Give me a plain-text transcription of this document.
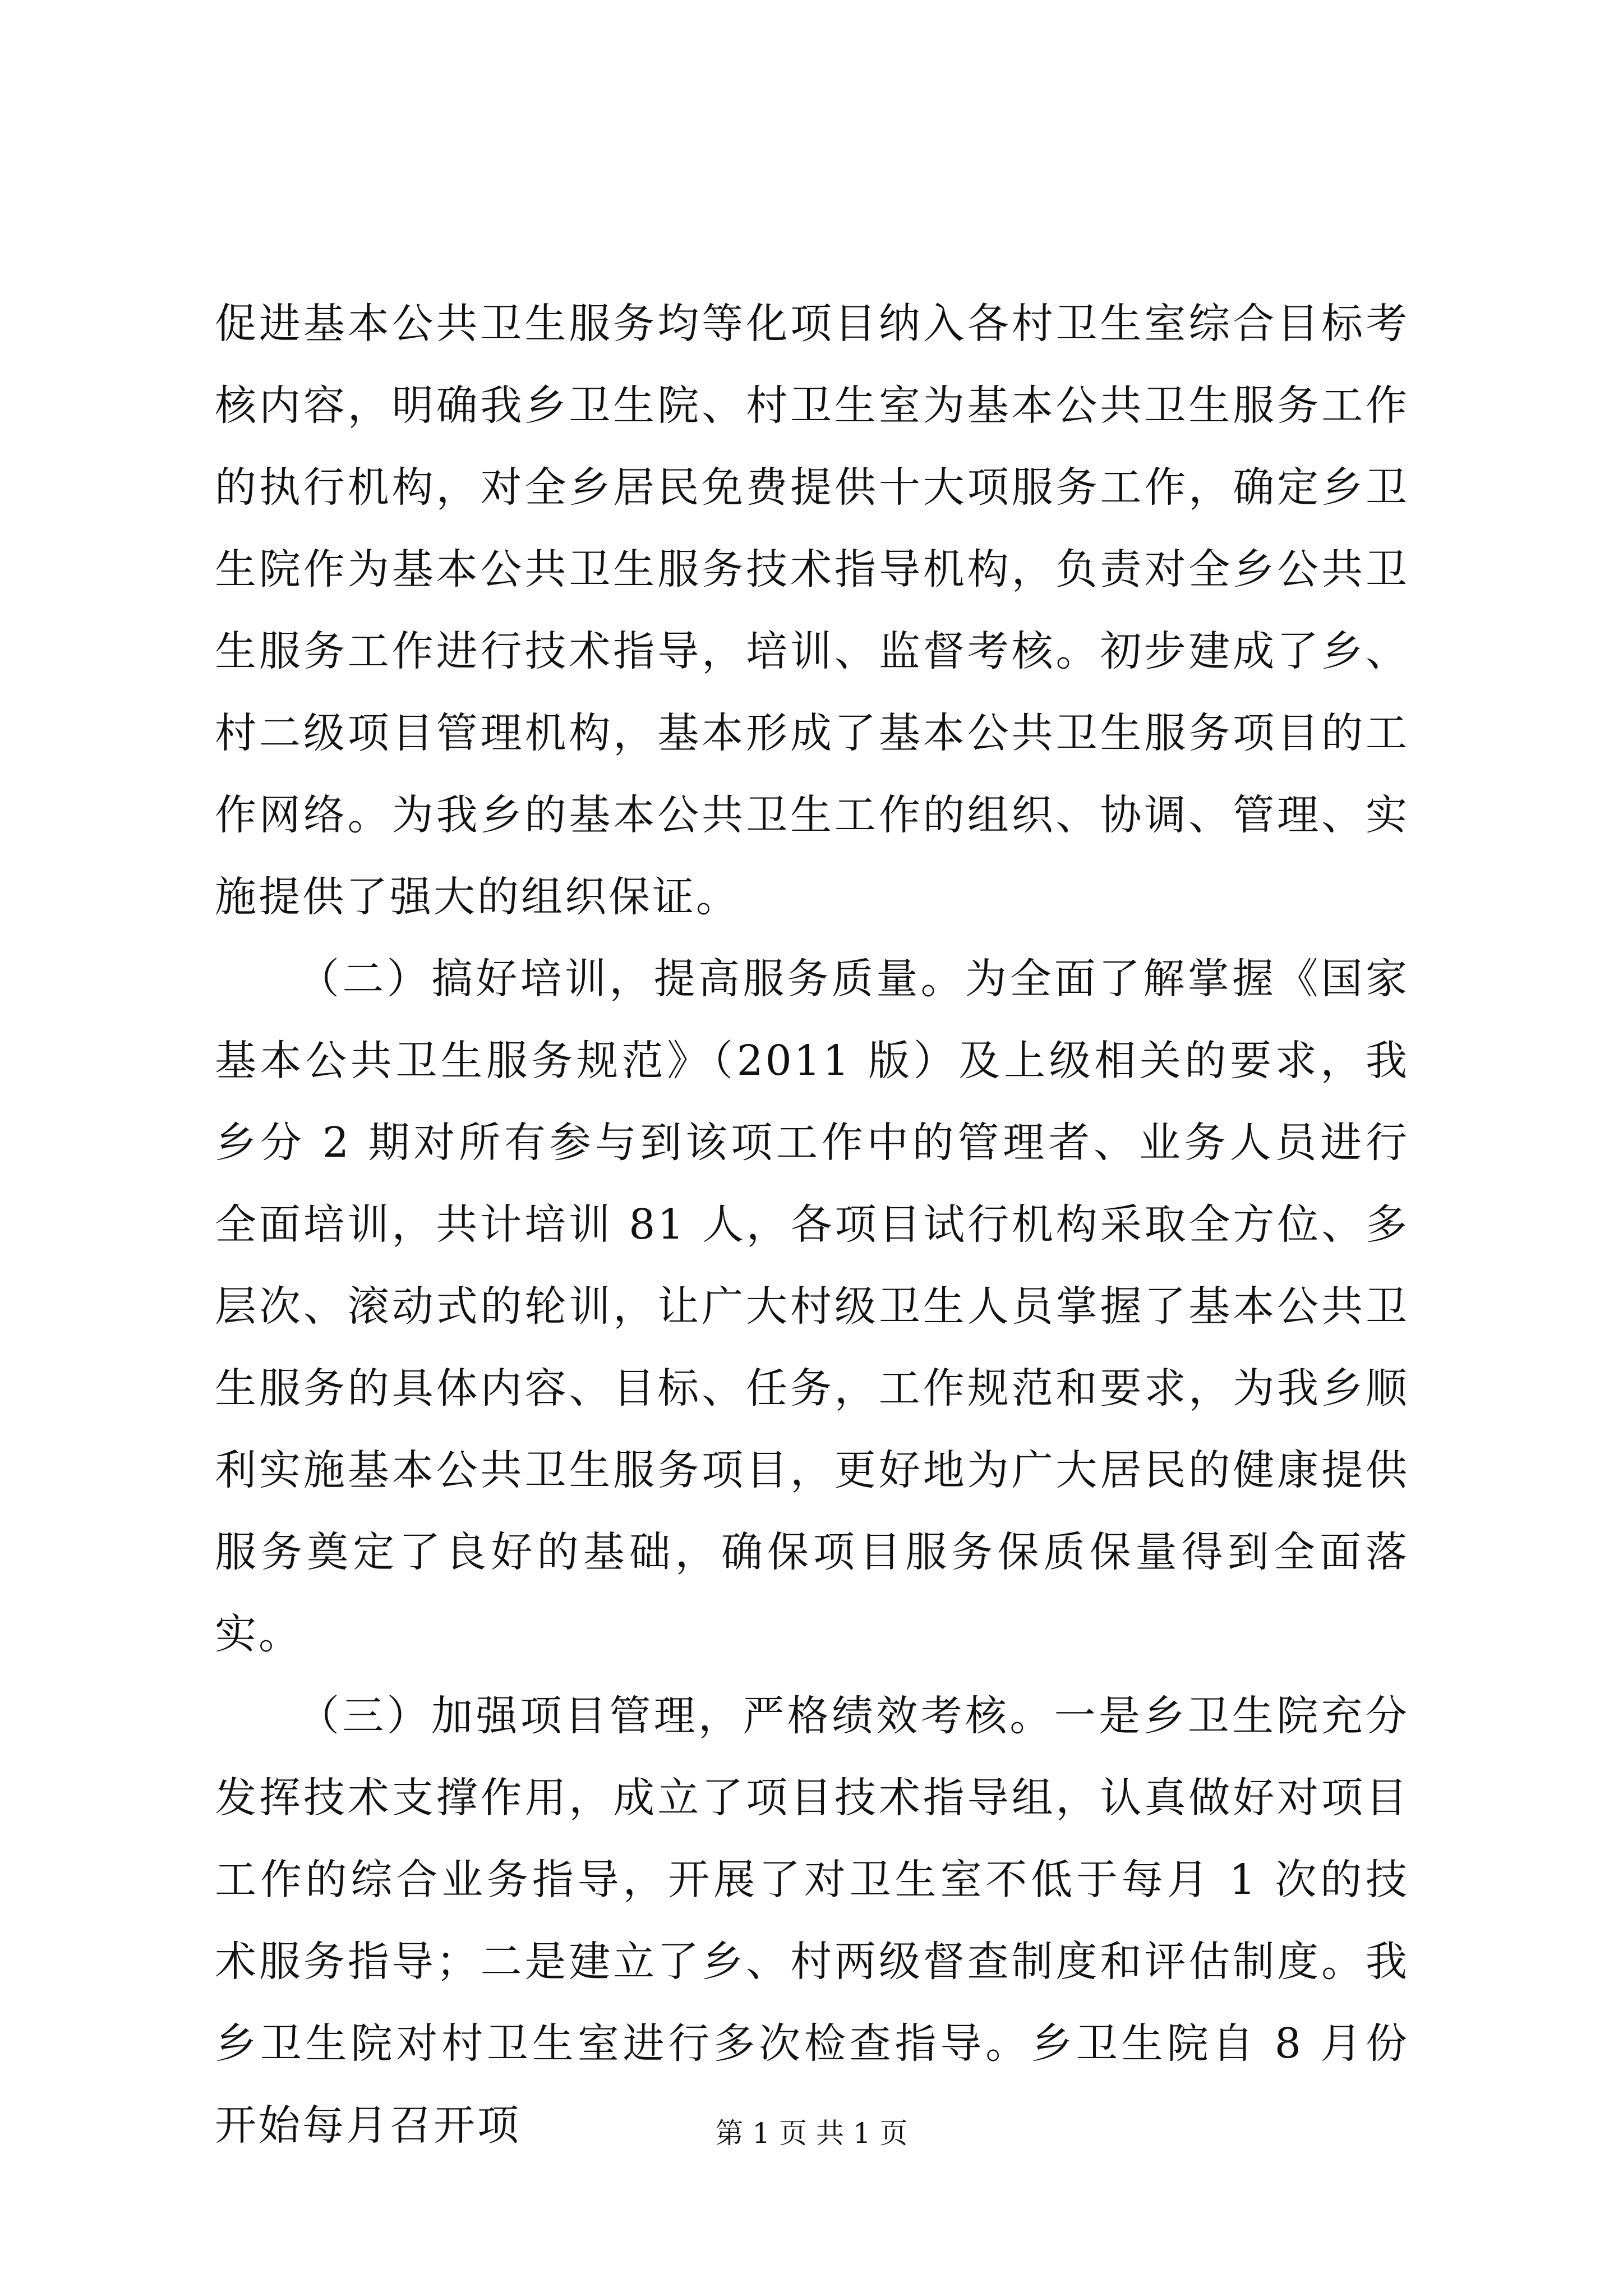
促进基本公共卫生服务均等化项目纳入各村卫生室综合目标考核内容，明确我乡卫生院、村卫生室为基本公共卫生服务工作的执行机构，对全乡居民免费提供十大项服务工作，确定乡卫生院作为基本公共卫生服务技术指导机构，负责对全乡公共卫生服务工作进行技术指导，培训、监督考核。初步建成了乡、村二级项目管理机构，基本形成了基本公共卫生服务项目的工作网络。为我乡的基本公共卫生工作的组织、协调、管理、实施提供了强大的组织保证。

（二）搞好培训，提高服务质量。为全面了解掌握《国家基本公共卫生服务规范》（2011 版）及上级相关的要求，我乡分 2 期对所有参与到该项工作中的管理者、业务人员进行全面培训，共计培训 81 人，各项目试行机构采取全方位、多层次、滚动式的轮训，让广大村级卫生人员掌握了基本公共卫生服务的具体内容、目标、任务，工作规范和要求，为我乡顺利实施基本公共卫生服务项目，更好地为广大居民的健康提供服务奠定了良好的基础，确保项目服务保质保量得到全面落实。

（三）加强项目管理，严格绩效考核。一是乡卫生院充分发挥技术支撑作用，成立了项目技术指导组，认真做好对项目工作的综合业务指导，开展了对卫生室不低于每月 1 次的技术服务指导；二是建立了乡、村两级督查制度和评估制度。我乡卫生院对村卫生室进行多次检查指导。乡卫生院自 8 月份开始每月召开项	第 1 页 共 1 页
